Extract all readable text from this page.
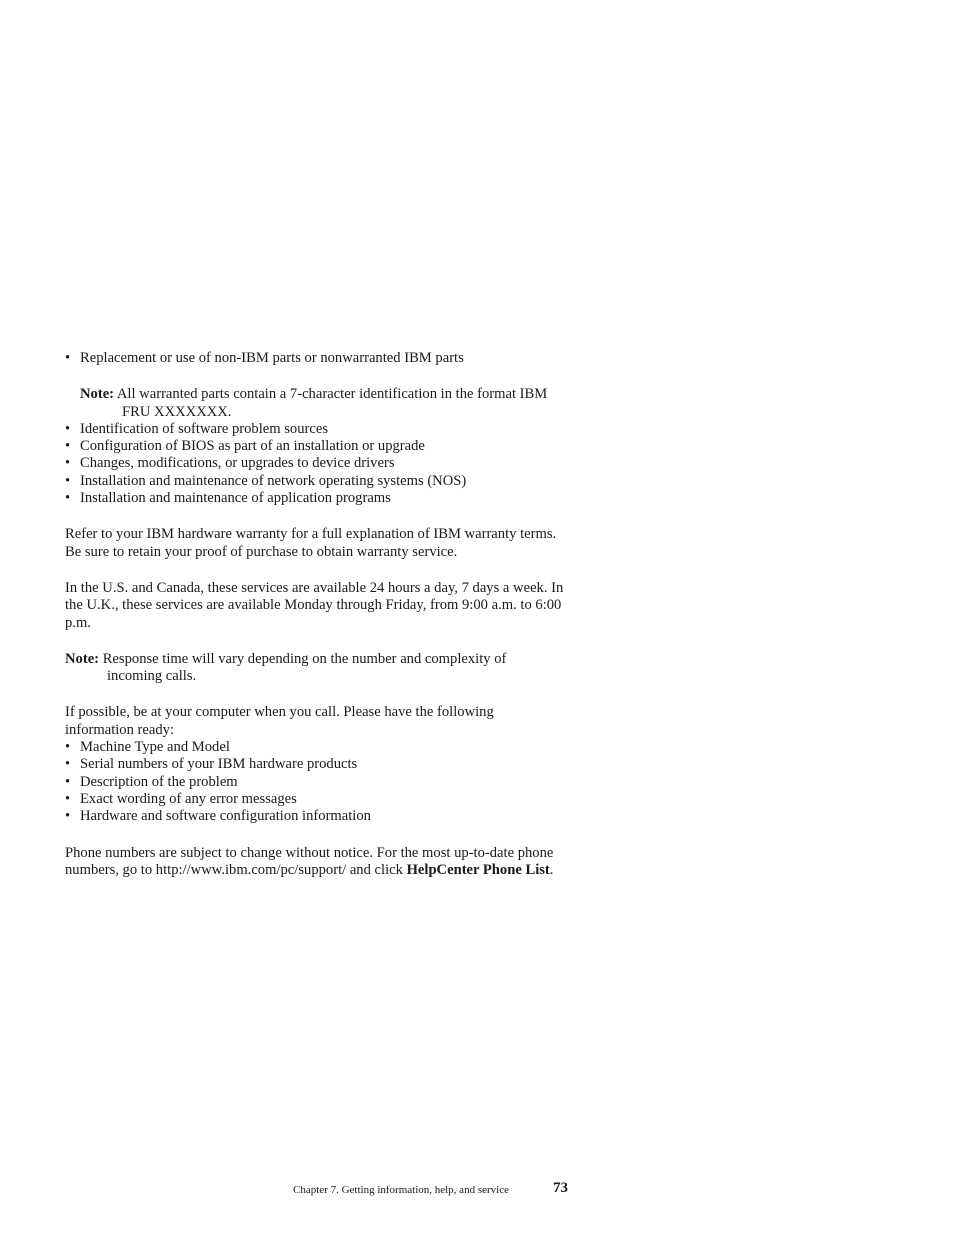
• Replacement or use of non-IBM parts or nonwarranted IBM parts
Note: All warranted parts contain a 7-character identification in the format IBM FRU XXXXXXX.
• Identification of software problem sources
• Configuration of BIOS as part of an installation or upgrade
• Changes, modifications, or upgrades to device drivers
• Installation and maintenance of network operating systems (NOS)
• Installation and maintenance of application programs

Refer to your IBM hardware warranty for a full explanation of IBM warranty terms. Be sure to retain your proof of purchase to obtain warranty service.

In the U.S. and Canada, these services are available 24 hours a day, 7 days a week. In the U.K., these services are available Monday through Friday, from 9:00 a.m. to 6:00 p.m.

Note: Response time will vary depending on the number and complexity of incoming calls.

If possible, be at your computer when you call. Please have the following information ready:

• Machine Type and Model
• Serial numbers of your IBM hardware products
• Description of the problem
• Exact wording of any error messages
• Hardware and software configuration information

Phone numbers are subject to change without notice. For the most up-to-date phone numbers, go to http://www.ibm.com/pc/support/ and click HelpCenter Phone List.

Chapter 7. Getting information, help, and service	73
